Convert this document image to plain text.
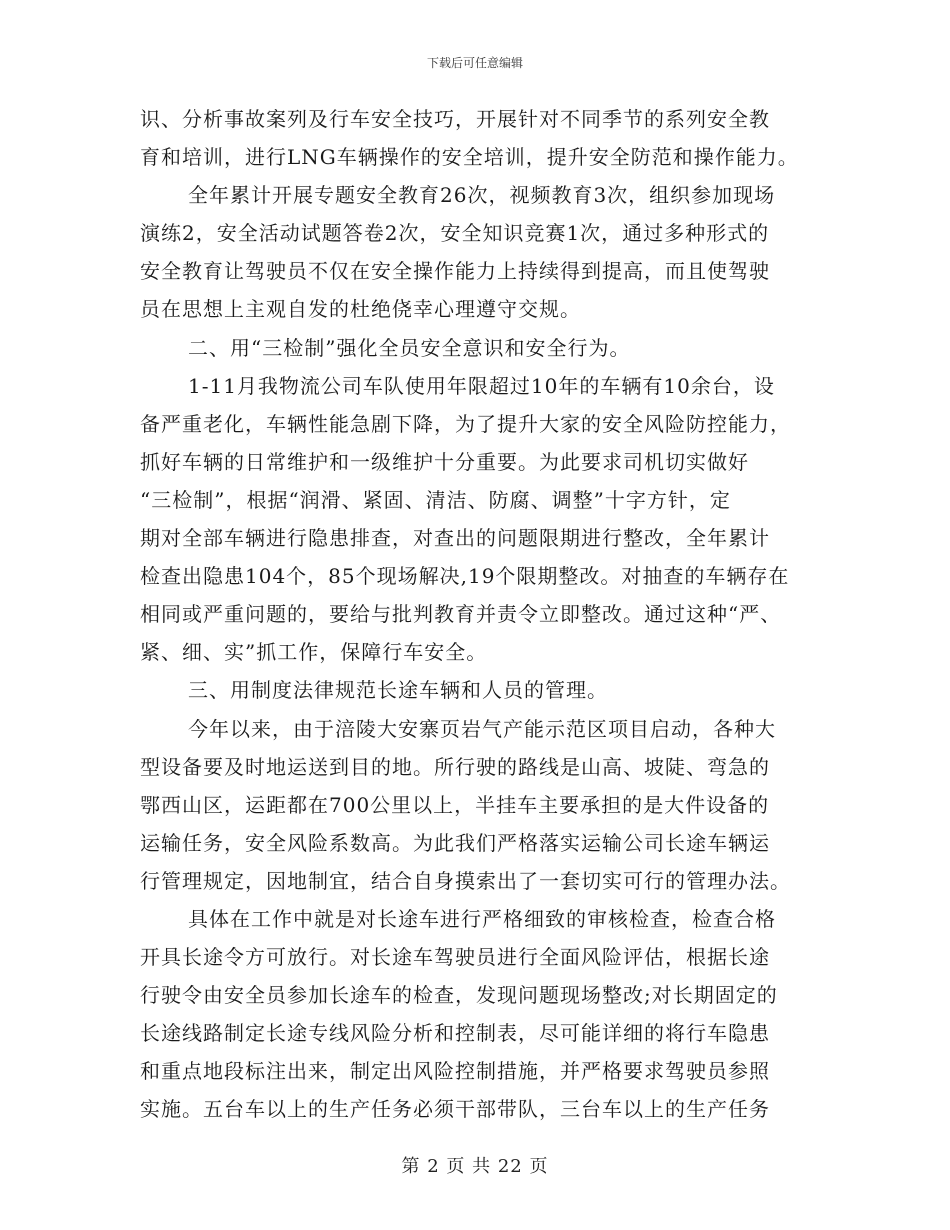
下载后可任意编辑

识、分析事故案列及行车安全技巧，开展针对不同季节的系列安全教
育和培训，进行LNG车辆操作的安全培训，提升安全防范和操作能力。
全年累计开展专题安全教育26次，视频教育3次，组织参加现场
演练2，安全活动试题答卷2次，安全知识竞赛1次，通过多种形式的
安全教育让驾驶员不仅在安全操作能力上持续得到提高，而且使驾驶
员在思想上主观自发的杜绝侥幸心理遵守交规。
二、用“三检制”强化全员安全意识和安全行为。
1-11月我物流公司车队使用年限超过10年的车辆有10余台，设
备严重老化，车辆性能急剧下降，为了提升大家的安全风险防控能力，
抓好车辆的日常维护和一级维护十分重要。为此要求司机切实做好
“三检制”，根据“润滑、紧固、清洁、防腐、调整”十字方针，定
期对全部车辆进行隐患排查，对查出的问题限期进行整改，全年累计
检查出隐患104个，85个现场解决,19个限期整改。对抽查的车辆存在
相同或严重问题的，要给与批判教育并责令立即整改。通过这种“严、
紧、细、实”抓工作，保障行车安全。
三、用制度法律规范长途车辆和人员的管理。
今年以来，由于涪陵大安寨页岩气产能示范区项目启动，各种大
型设备要及时地运送到目的地。所行驶的路线是山高、坡陡、弯急的
鄂西山区，运距都在700公里以上，半挂车主要承担的是大件设备的
运输任务，安全风险系数高。为此我们严格落实运输公司长途车辆运
行管理规定，因地制宜，结合自身摸索出了一套切实可行的管理办法。
具体在工作中就是对长途车进行严格细致的审核检查，检查合格
开具长途令方可放行。对长途车驾驶员进行全面风险评估，根据长途
行驶令由安全员参加长途车的检查，发现问题现场整改;对长期固定的
长途线路制定长途专线风险分析和控制表，尽可能详细的将行车隐患
和重点地段标注出来，制定出风险控制措施，并严格要求驾驶员参照
实施。五台车以上的生产任务必须干部带队，三台车以上的生产任务

第 2 页 共 22 页
